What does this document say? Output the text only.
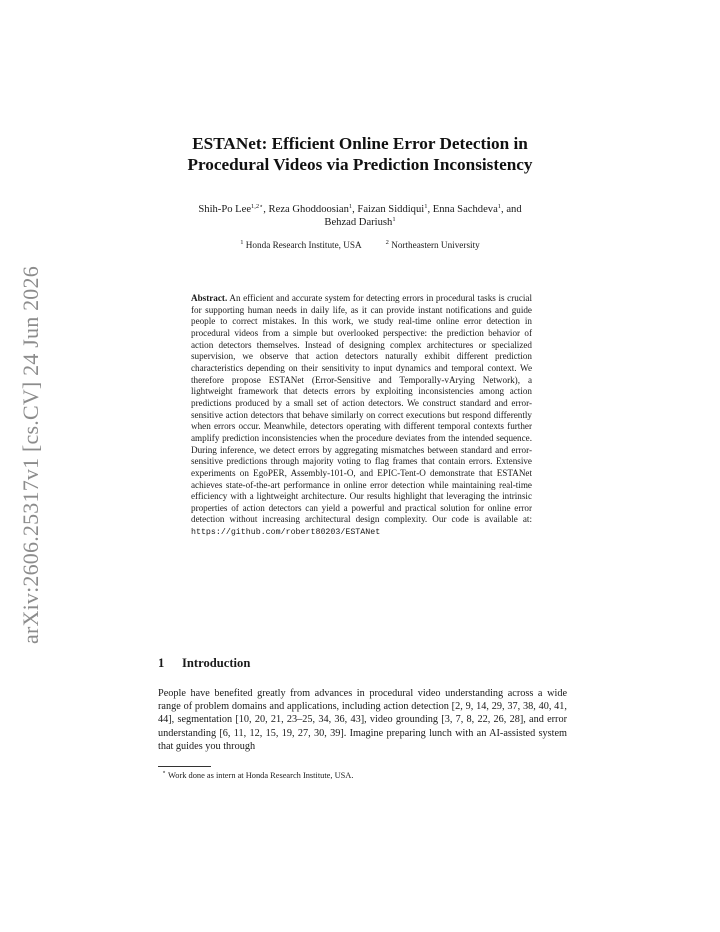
arXiv:2606.25317v1 [cs.CV] 24 Jun 2026
ESTANet: Efficient Online Error Detection in
Procedural Videos via Prediction Inconsistency
Shih-Po Lee$^{1,2⋆}$, Reza Ghoddoosian$^1$, Faizan Siddiqui$^1$, Enna Sachdeva$^1$, and
Behzad Dariush$^1$
$^1$ Honda Research Institute, USA	$^2$ Northeastern University
Abstract. An efficient and accurate system for detecting errors in procedural tasks is crucial for supporting human needs in daily life, as it can provide instant notifications and guide people to correct mistakes. In this work, we study real-time online error detection in procedural videos from a simple but overlooked perspective: the prediction behavior of action detectors themselves. Instead of designing complex architectures or specialized supervision, we observe that action detectors naturally exhibit different prediction characteristics depending on their sensitivity to input dynamics and temporal context. We therefore propose ESTANet (Error-Sensitive and Temporally-vArying Network), a lightweight framework that detects errors by exploiting inconsistencies among action predictions produced by a small set of action detectors. We construct standard and error-sensitive action detectors that behave similarly on correct executions but respond differently when errors occur. Meanwhile, detectors operating with different temporal contexts further amplify prediction inconsistencies when the procedure deviates from the intended sequence. During inference, we detect errors by aggregating mismatches between standard and error-sensitive predictions through majority voting to flag frames that contain errors. Extensive experiments on EgoPER, Assembly-101-O, and EPIC-Tent-O demonstrate that ESTANet achieves state-of-the-art performance in online error detection while maintaining real-time efficiency with a lightweight architecture. Our results highlight that leveraging the intrinsic properties of action detectors can yield a powerful and practical solution for online error detection without increasing architectural design complexity. Our code is available at: https://github.com/robert80203/ESTANet
1 Introduction
People have benefited greatly from advances in procedural video understanding across a wide range of problem domains and applications, including action detection [2, 9, 14, 29, 37, 38, 40, 41, 44], segmentation [10, 20, 21, 23–25, 34, 36, 43], video grounding [3, 7, 8, 22, 26, 28], and error understanding [6, 11, 12, 15, 19, 27, 30, 39]. Imagine preparing lunch with an AI-assisted system that guides you through
⋆ Work done as intern at Honda Research Institute, USA.
